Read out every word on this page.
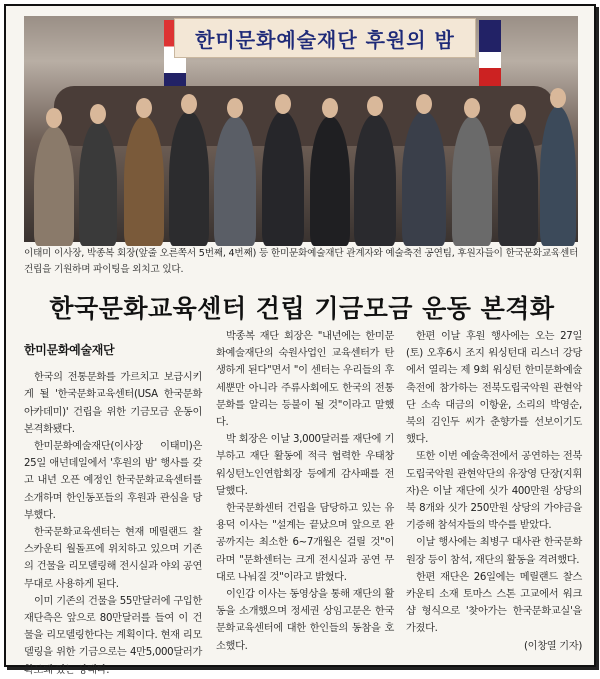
한미문화예술재단 후원의 밤
이태미 이사장, 박종복 회장(앞줄 오른쪽서 5번째, 4번째) 등 한미문화예술재단 관계자와 예술축전 공연팀, 후원자들이 한국문화교육센터 건립을 기원하며 파이팅을 외치고 있다.
한국문화교육센터 건립 기금모금 운동 본격화
한미문화예술재단

한국의 전통문화를 가르치고 보급시키게 될 '한국문화교육센터(USA 한국문화 아카데미)' 건립을 위한 기금모금 운동이 본격화됐다.

한미문화예술재단(이사장 이태미)은 25일 애넌데일에서 '후원의 밤' 행사를 갖고 내년 오픈 예정인 한국문화교육센터를 소개하며 한인동포들의 후원과 관심을 당부했다.

한국문화교육센터는 현재 메릴랜드 찰스카운티 월돌프에 위치하고 있으며 기존의 건물을 리모델링해 전시실과 야외 공연무대로 사용하게 된다.

이미 기존의 건물을 55만달러에 구입한 재단측은 앞으로 80만달러를 들여 이 건물을 리모델링한다는 계획이다. 현재 리모델링을 위한 기금으로는 4만5,000달러가 확보돼 있는 상태다.

박종복 재단 회장은 "내년에는 한미문화예술재단의 숙원사업인 교육센터가 탄생하게 된다"면서 "이 센터는 우리들의 후세뿐만 아니라 주류사회에도 한국의 전통 문화를 알리는 등불이 될 것"이라고 말했다.

박 회장은 이날 3,000달러를 재단에 기부하고 재단 활동에 적극 협력한 우태창 워싱턴노인연합회장 등에게 감사패를 전달했다.

한국문화센터 건립을 담당하고 있는 유용덕 이사는 "설계는 끝났으며 앞으로 완공까지는 최소한 6~7개월은 걸릴 것"이라며 "문화센터는 크게 전시실과 공연 무대로 나눠질 것"이라고 밝혔다.

이인갑 이사는 동영상을 통해 재단의 활동을 소개했으며 정세권 상임고문은 한국문화교육센터에 대한 한인들의 동참을 호소했다.

한편 이날 후원 행사에는 오는 27일(토) 오후6시 조지 워싱턴대 리스너 강당에서 열리는 제 9회 워싱턴 한미문화예술축전에 참가하는 전북도립국악원 관현악단 소속 대금의 이항윤, 소리의 박영순, 북의 김인두 씨가 춘향가를 선보이기도 했다.

또한 이번 예술축전에서 공연하는 전북도립국악원 관현악단의 유장영 단장(지휘자)은 이날 재단에 싯가 400만원 상당의 북 8개와 싯가 250만원 상당의 가야금을 기증해 참석자들의 박수를 받았다.

이날 행사에는 최병구 대사관 한국문화원장 등이 참석, 재단의 활동을 격려했다.

한편 재단은 26일에는 메릴랜드 찰스 카운티 소재 토마스 스톤 고교에서 워크샵 형식으로 '찾아가는 한국문화교실'을 가졌다.

(이창열 기자)
